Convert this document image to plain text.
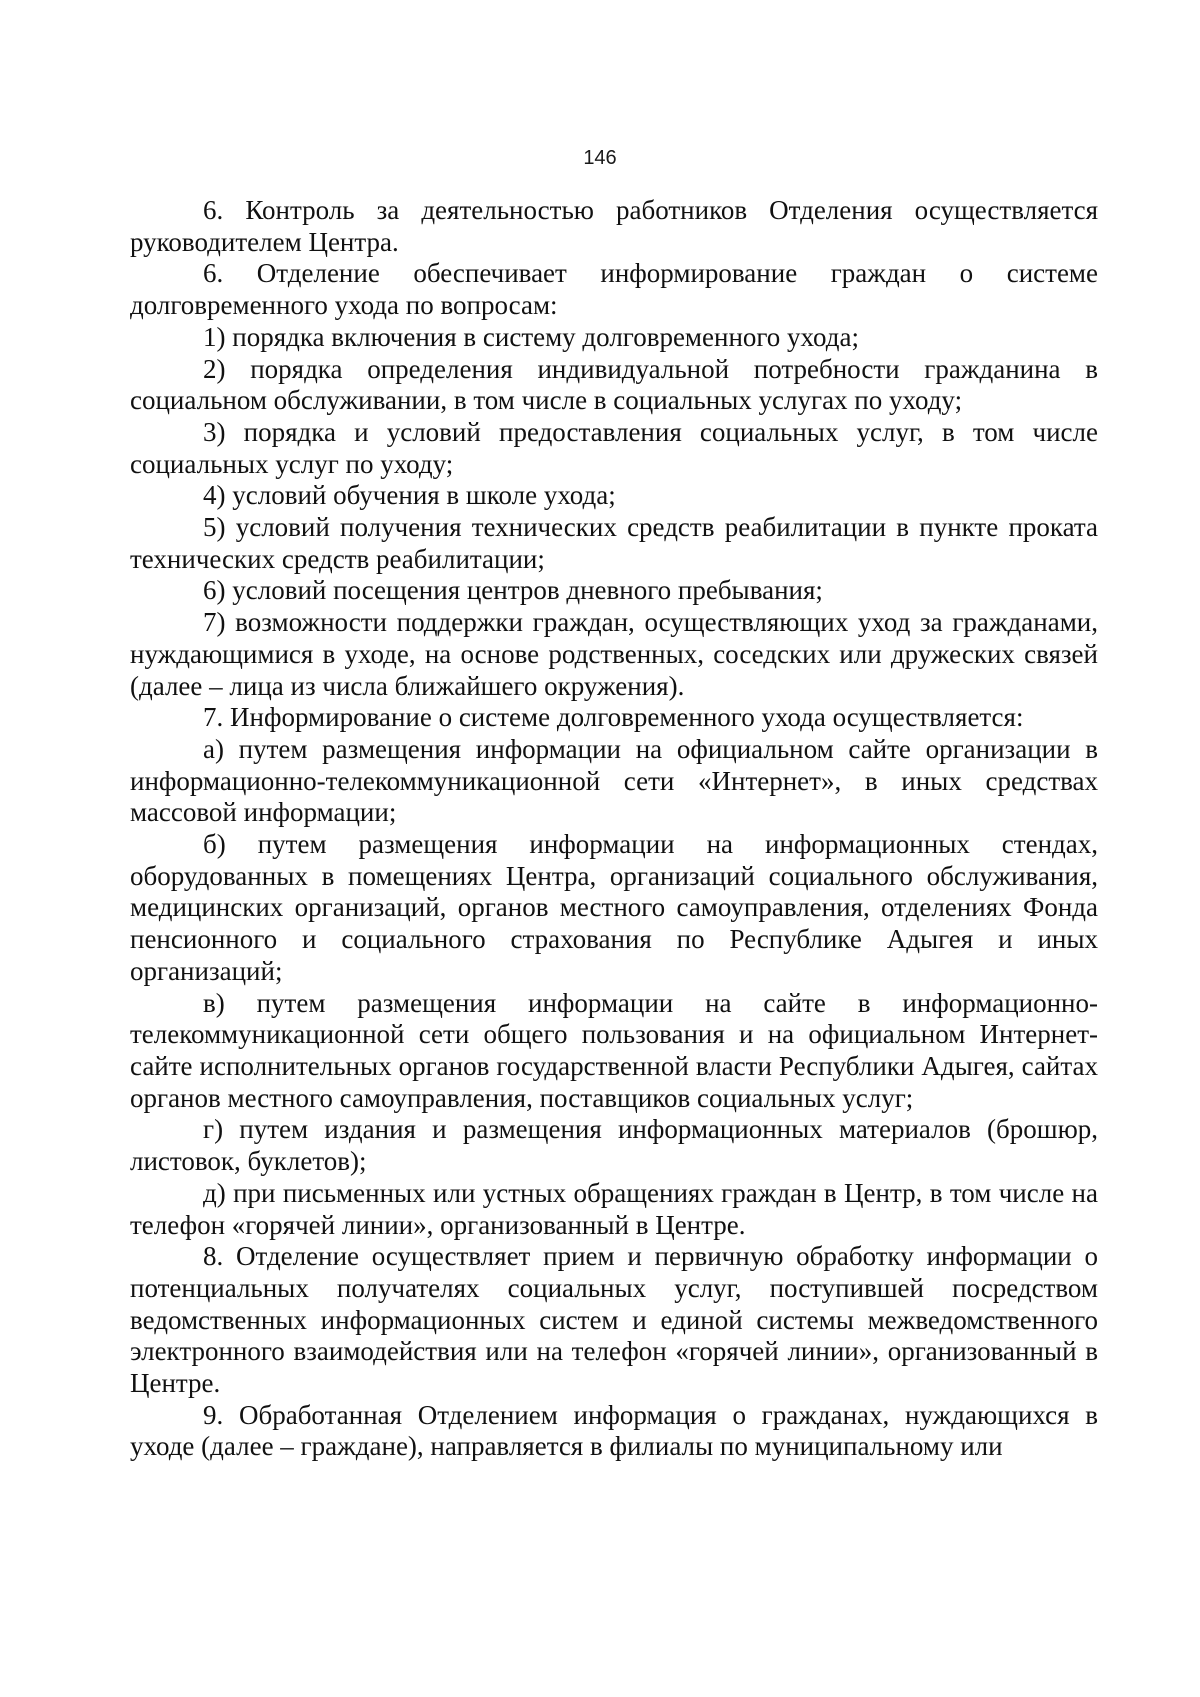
146

6. Контроль за деятельностью работников Отделения осуществляется руководителем Центра.

6. Отделение обеспечивает информирование граждан о системе долговременного ухода по вопросам:

1) порядка включения в систему долговременного ухода;

2) порядка определения индивидуальной потребности гражданина в социальном обслуживании, в том числе в социальных услугах по уходу;

3) порядка и условий предоставления социальных услуг, в том числе социальных услуг по уходу;

4) условий обучения в школе ухода;

5) условий получения технических средств реабилитации в пункте проката технических средств реабилитации;

6) условий посещения центров дневного пребывания;

7) возможности поддержки граждан, осуществляющих уход за гражданами, нуждающимися в уходе, на основе родственных, соседских или дружеских связей (далее – лица из числа ближайшего окружения).

7. Информирование о системе долговременного ухода осуществляется:

а) путем размещения информации на официальном сайте организации в информационно-телекоммуникационной сети «Интернет», в иных средствах массовой информации;

б) путем размещения информации на информационных стендах, оборудованных в помещениях Центра, организаций социального обслуживания, медицинских организаций, органов местного самоуправления, отделениях Фонда пенсионного и социального страхования по Республике Адыгея и иных организаций;

в) путем размещения информации на сайте в информационно-телекоммуникационной сети общего пользования и на официальном Интернет-сайте исполнительных органов государственной власти Республики Адыгея, сайтах органов местного самоуправления, поставщиков социальных услуг;

г) путем издания и размещения информационных материалов (брошюр, листовок, буклетов);

д) при письменных или устных обращениях граждан в Центр, в том числе на телефон «горячей линии», организованный в Центре.

8. Отделение осуществляет прием и первичную обработку информации о потенциальных получателях социальных услуг, поступившей посредством ведомственных информационных систем и единой системы межведомственного электронного взаимодействия или на телефон «горячей линии», организованный в Центре.

9. Обработанная Отделением информация о гражданах, нуждающихся в уходе (далее – граждане), направляется в филиалы по муниципальному или
